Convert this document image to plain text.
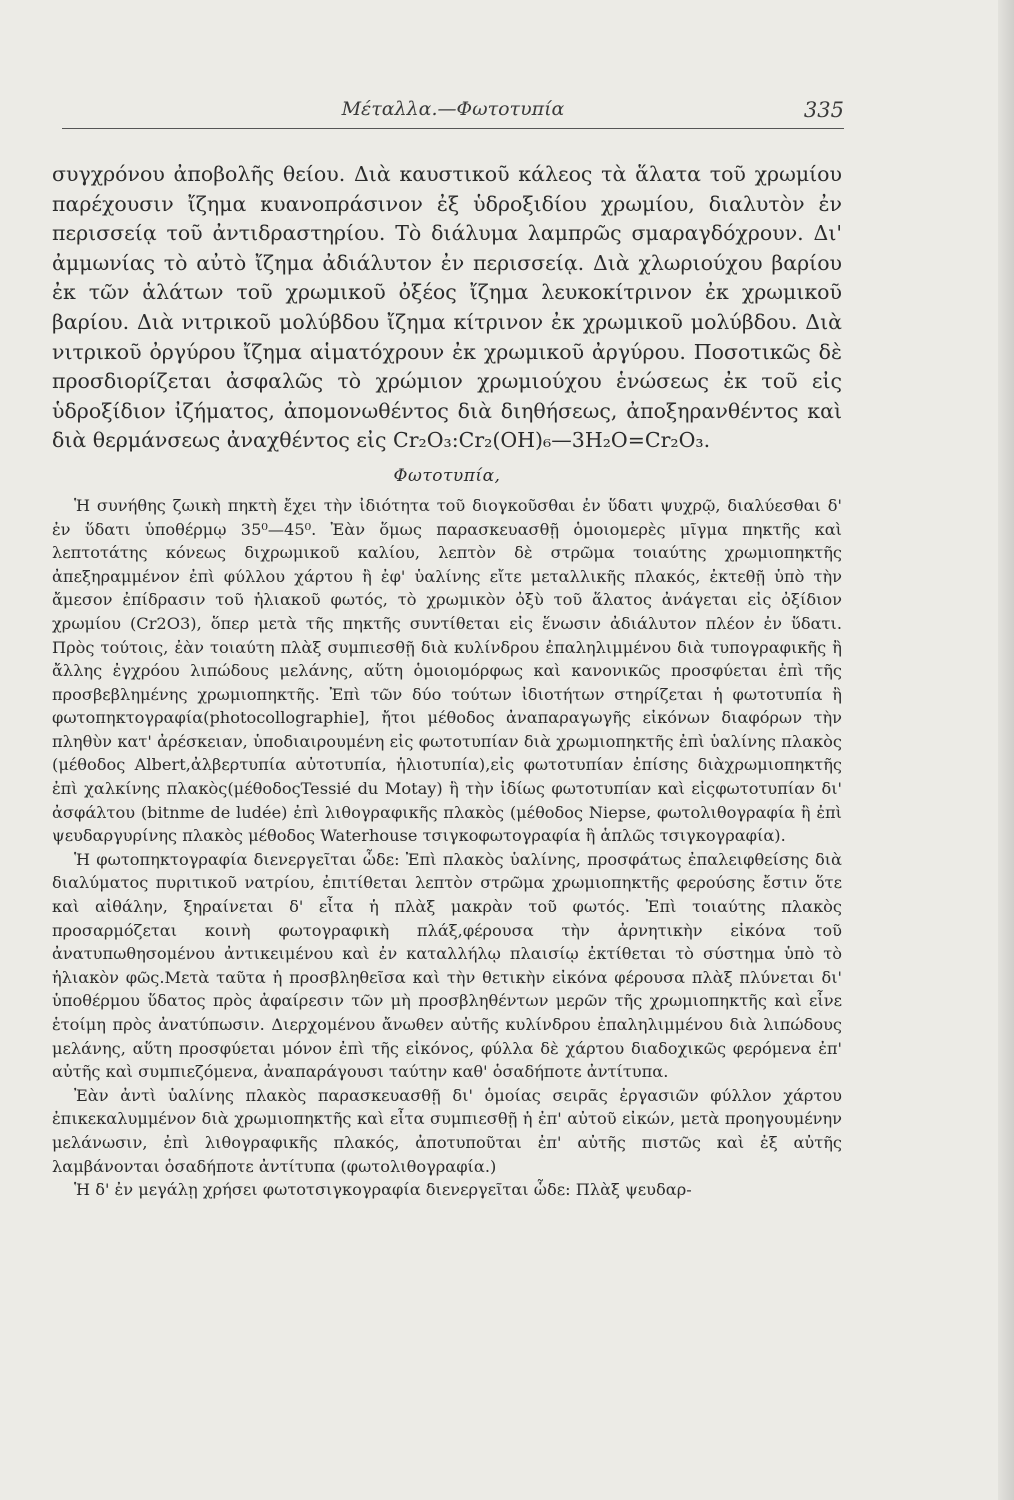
Μέταλλα.—Φωτοτυπία	335

συγχρόνου ἀποβολῆς θείου. Διὰ καυστικοῦ κάλεος τὰ ἅλατα τοῦ χρωμίου παρέχουσιν ἴζημα κυανοπράσινον ἐξ ὑδροξιδίου χρωμίου, διαλυτὸν ἐν περισσείᾳ τοῦ ἀντιδραστηρίου. Τὸ διάλυμα λαμπρῶς σμαραγδόχρουν. Δι' ἀμμωνίας τὸ αὐτὸ ἴζημα ἀδιάλυτον ἐν περισσείᾳ. Διὰ χλωριούχου βαρίου ἐκ τῶν ἁλάτων τοῦ χρωμικοῦ ὀξέος ἴζημα λευκοκίτρινον ἐκ χρωμικοῦ βαρίου. Διὰ νιτρικοῦ μολύβδου ἴζημα κίτρινον ἐκ χρωμικοῦ μολύβδου. Διὰ νιτρικοῦ ὀργύρου ἴζημα αἱματόχρουν ἐκ χρωμικοῦ ἀργύρου. Ποσοτικῶς δὲ προσδιορίζεται ἀσφαλῶς τὸ χρώμιον χρωμιούχου ἑνώσεως ἐκ τοῦ εἰς ὑδροξίδιον ἰζήματος, ἀπομονωθέντος διὰ διηθήσεως, ἀποξηρανθέντος καὶ διὰ θερμάνσεως ἀναχθέντος εἰς Cr₂O₃:Cr₂(OH)₆—3H₂O=Cr₂O₃.

Φωτοτυπία,

Ἡ συνήθης ζωικὴ πηκτὴ ἔχει τὴν ἰδιότητα τοῦ διογκοῦσθαι ἐν ὕδατι ψυχρῷ, διαλύεσθαι δ' ἐν ὕδατι ὑποθέρμῳ 35⁰—45⁰. Ἐὰν ὅμως παρασκευασθῇ ὁμοιομερὲς μῖγμα πηκτῆς καὶ λεπτοτάτης κόνεως διχρωμικοῦ καλίου, λεπτὸν δὲ στρῶμα τοιαύτης χρωμιοπηκτῆς ἀπεξηραμμένον ἐπὶ φύλλου χάρτου ἢ ἐφ' ὑαλίνης εἴτε μεταλλικῆς πλακός, ἐκτεθῇ ὑπὸ τὴν ἄμεσον ἐπίδρασιν τοῦ ἡλιακοῦ φωτός, τὸ χρωμικὸν ὀξὺ τοῦ ἅλατος ἀνάγεται εἰς ὀξίδιον χρωμίου (Cr2O3), ὅπερ μετὰ τῆς πηκτῆς συντίθεται εἰς ἕνωσιν ἀδιάλυτον πλέον ἐν ὕδατι. Πρὸς τούτοις, ἐὰν τοιαύτη πλὰξ συμπιεσθῇ διὰ κυλίνδρου ἐπαληλιμμένου διὰ τυπογραφικῆς ἢ ἄλλης ἐγχρόου λιπώδους μελάνης, αὕτη ὁμοιομόρφως καὶ κανονικῶς προσφύεται ἐπὶ τῆς προσβεβλημένης χρωμιοπηκτῆς. Ἐπὶ τῶν δύο τούτων ἰδιοτήτων στηρίζεται ἡ φωτοτυπία ἢ φωτοπηκτογραφία(photocollographie], ἤτοι μέθοδος ἀναπαραγωγῆς εἰκόνων διαφόρων τὴν πληθὺν κατ' ἀρέσκειαν, ὑποδιαιρουμένη εἰς φωτοτυπίαν διὰ χρωμιοπηκτῆς ἐπὶ ὑαλίνης πλακὸς (μέθοδος Albert,ἀλβερτυπία αὐτοτυπία, ἡλιοτυπία),εἰς φωτοτυπίαν ἐπίσης διὰχρωμιοπηκτῆς ἐπὶ χαλκίνης πλακὸς(μέθοδοςTessié du Motay) ἢ τὴν ἰδίως φωτοτυπίαν καὶ εἰςφωτοτυπίαν δι' ἀσφάλτου (bitnme de ludée) ἐπὶ λιθογραφικῆς πλακὸς (μέθοδος Niepse, φωτολιθογραφία ἢ ἐπὶ ψευδαργυρίνης πλακὸς μέθοδος Waterhouse τσιγκοφωτογραφία ἢ ἁπλῶς τσιγκογραφία).

Ἡ φωτοπηκτογραφία διενεργεῖται ὧδε: Ἐπὶ πλακὸς ὑαλίνης, προσφάτως ἐπαλειφθείσης διὰ διαλύματος πυριτικοῦ νατρίου, ἐπιτίθεται λεπτὸν στρῶμα χρωμιοπηκτῆς φερούσης ἔστιν ὅτε καὶ αἰθάλην, ξηραίνεται δ' εἶτα ἡ πλὰξ μακρὰν τοῦ φωτός. Ἐπὶ τοιαύτης πλακὸς προσαρμόζεται κοινὴ φωτογραφικὴ πλάξ,φέρουσα τὴν ἀρνητικὴν εἰκόνα τοῦ ἀνατυπωθησομένου ἀντικειμένου καὶ ἐν καταλλήλῳ πλαισίῳ ἐκτίθεται τὸ σύστημα ὑπὸ τὸ ἡλιακὸν φῶς.Μετὰ ταῦτα ἡ προσβληθεῖσα καὶ τὴν θετικὴν εἰκόνα φέρουσα πλὰξ πλύνεται δι' ὑποθέρμου ὕδατος πρὸς ἀφαίρεσιν τῶν μὴ προσβληθέντων μερῶν τῆς χρωμιοπηκτῆς καὶ εἶνε ἑτοίμη πρὸς ἀνατύπωσιν. Διερχομένου ἄνωθεν αὐτῆς κυλίνδρου ἐπαληλιμμένου διὰ λιπώδους μελάνης, αὕτη προσφύεται μόνον ἐπὶ τῆς εἰκόνος, φύλλα δὲ χάρτου διαδοχικῶς φερόμενα ἐπ' αὐτῆς καὶ συμπιεζόμενα, ἀναπαράγουσι ταύτην καθ' ὁσαδήποτε ἀντίτυπα.

Ἐὰν ἀντὶ ὑαλίνης πλακὸς παρασκευασθῇ δι' ὁμοίας σειρᾶς ἐργασιῶν φύλλον χάρτου ἐπικεκαλυμμένον διὰ χρωμιοπηκτῆς καὶ εἶτα συμπιεσθῇ ἡ ἐπ' αὐτοῦ εἰκών, μετὰ προηγουμένην μελάνωσιν, ἐπὶ λιθογραφικῆς πλακός, ἀποτυποῦται ἐπ' αὐτῆς πιστῶς καὶ ἐξ αὐτῆς λαμβάνονται ὁσαδήποτε ἀντίτυπα (φωτολιθογραφία.)

Ἡ δ' ἐν μεγάλῃ χρήσει φωτοτσιγκογραφία διενεργεῖται ὧδε: Πλὰξ ψευδαρ-
